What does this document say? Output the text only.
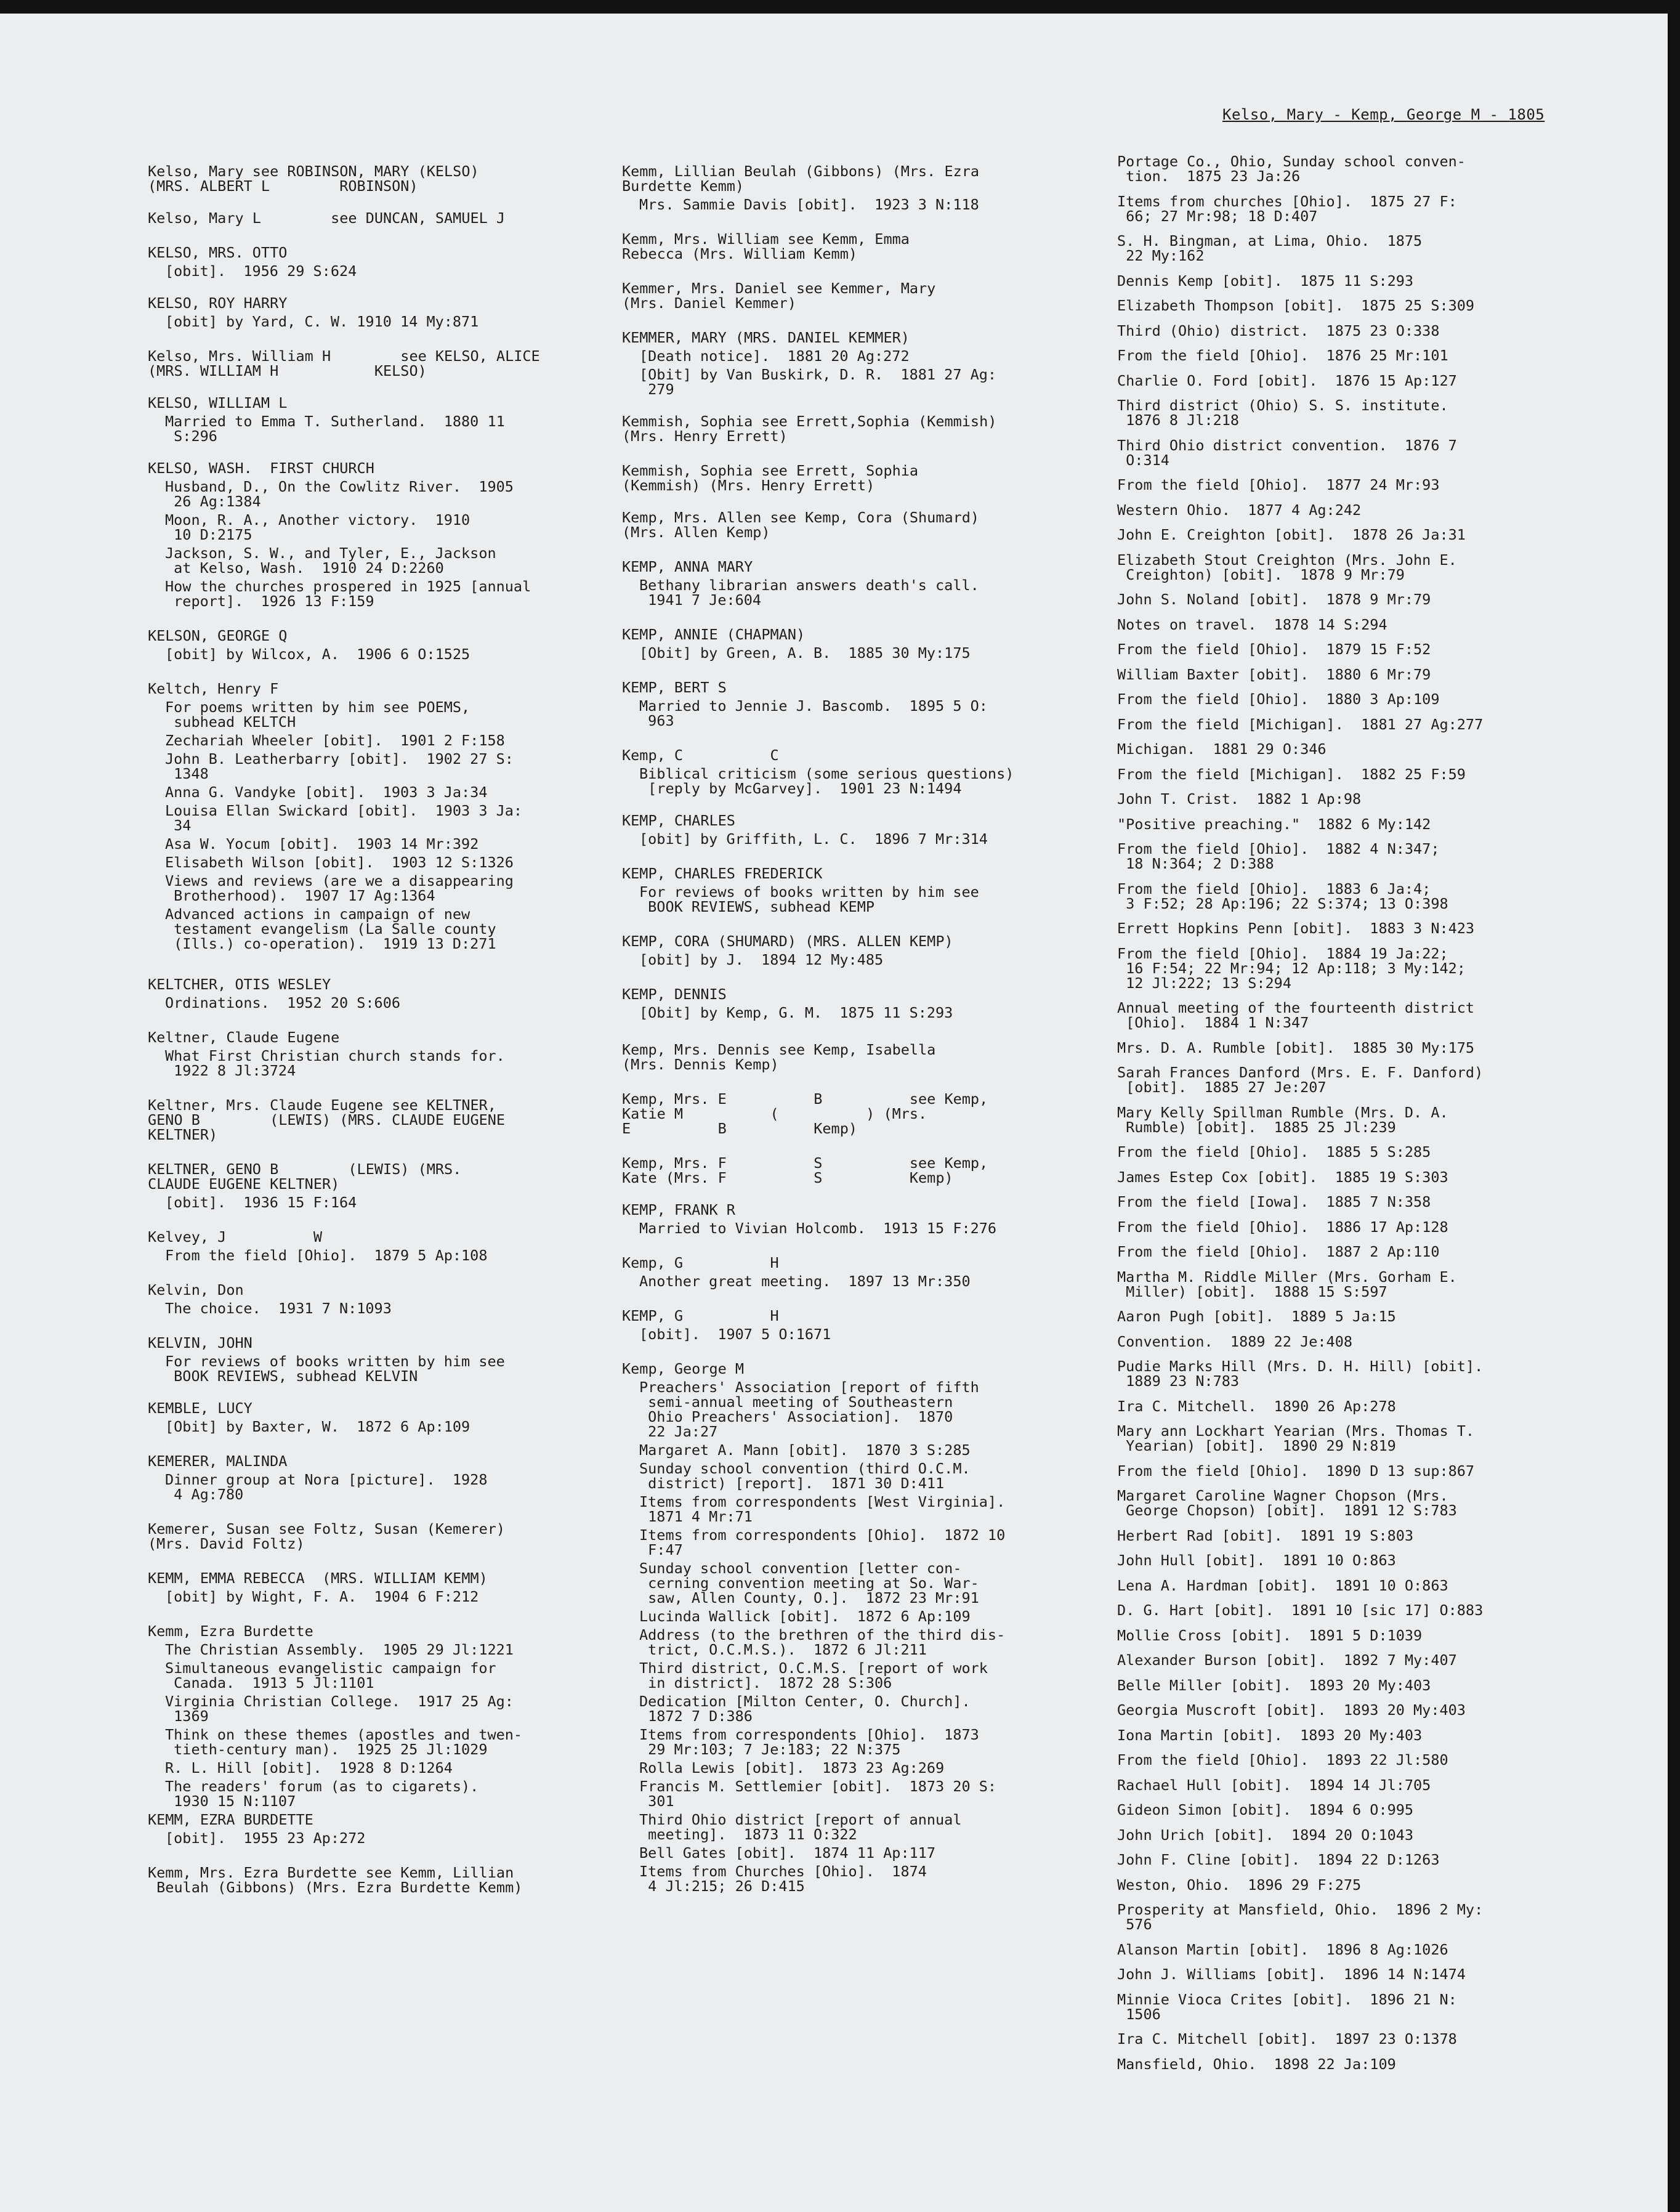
Kelso, Mary - Kemp, George M - 1805
Kelso, Mary see ROBINSON, MARY (KELSO)
(MRS. ALBERT L        ROBINSON)
Kelso, Mary L        see DUNCAN, SAMUEL J
KELSO, MRS. OTTO
[obit].  1956 29 S:624
KELSO, ROY HARRY
[obit] by Yard, C. W. 1910 14 My:871
Kelso, Mrs. William H        see KELSO, ALICE
(MRS. WILLIAM H           KELSO)
KELSO, WILLIAM L
Married to Emma T. Sutherland.  1880 11
S:296
KELSO, WASH.  FIRST CHURCH
Husband, D., On the Cowlitz River.  1905
26 Ag:1384
Moon, R. A., Another victory.  1910
10 D:2175
Jackson, S. W., and Tyler, E., Jackson
at Kelso, Wash.  1910 24 D:2260
How the churches prospered in 1925 [annual
report].  1926 13 F:159
KELSON, GEORGE Q
[obit] by Wilcox, A.  1906 6 O:1525
Keltch, Henry F
For poems written by him see POEMS,
subhead KELTCH
Zechariah Wheeler [obit].  1901 2 F:158
John B. Leatherbarry [obit].  1902 27 S:
1348
Anna G. Vandyke [obit].  1903 3 Ja:34
Louisa Ellan Swickard [obit].  1903 3 Ja:
34
Asa W. Yocum [obit].  1903 14 Mr:392
Elisabeth Wilson [obit].  1903 12 S:1326
Views and reviews (are we a disappearing
Brotherhood).  1907 17 Ag:1364
Advanced actions in campaign of new
testament evangelism (La Salle county
(Ills.) co-operation).  1919 13 D:271
KELTCHER, OTIS WESLEY
Ordinations.  1952 20 S:606
Keltner, Claude Eugene
What First Christian church stands for.
1922 8 Jl:3724
Keltner, Mrs. Claude Eugene see KELTNER,
GENO B        (LEWIS) (MRS. CLAUDE EUGENE
KELTNER)
KELTNER, GENO B        (LEWIS) (MRS.
CLAUDE EUGENE KELTNER)
[obit].  1936 15 F:164
Kelvey, J          W
From the field [Ohio].  1879 5 Ap:108
Kelvin, Don
The choice.  1931 7 N:1093
KELVIN, JOHN
For reviews of books written by him see
BOOK REVIEWS, subhead KELVIN
KEMBLE, LUCY
[Obit] by Baxter, W.  1872 6 Ap:109
KEMERER, MALINDA
Dinner group at Nora [picture].  1928
4 Ag:780
Kemerer, Susan see Foltz, Susan (Kemerer)
(Mrs. David Foltz)
KEMM, EMMA REBECCA  (MRS. WILLIAM KEMM)
[obit] by Wight, F. A.  1904 6 F:212
Kemm, Ezra Burdette
The Christian Assembly.  1905 29 Jl:1221
Simultaneous evangelistic campaign for
Canada.  1913 5 Jl:1101
Virginia Christian College.  1917 25 Ag:
1369
Think on these themes (apostles and twen-
tieth-century man).  1925 25 Jl:1029
R. L. Hill [obit].  1928 8 D:1264
The readers' forum (as to cigarets).
1930 15 N:1107
KEMM, EZRA BURDETTE
[obit].  1955 23 Ap:272
Kemm, Mrs. Ezra Burdette see Kemm, Lillian
Beulah (Gibbons) (Mrs. Ezra Burdette Kemm)
Kemm, Lillian Beulah (Gibbons) (Mrs. Ezra
Burdette Kemm)
Mrs. Sammie Davis [obit].  1923 3 N:118
Kemm, Mrs. William see Kemm, Emma
Rebecca (Mrs. William Kemm)
Kemmer, Mrs. Daniel see Kemmer, Mary
(Mrs. Daniel Kemmer)
KEMMER, MARY (MRS. DANIEL KEMMER)
[Death notice].  1881 20 Ag:272
[Obit] by Van Buskirk, D. R.  1881 27 Ag:
279
Kemmish, Sophia see Errett,Sophia (Kemmish)
(Mrs. Henry Errett)
Kemmish, Sophia see Errett, Sophia
(Kemmish) (Mrs. Henry Errett)
Kemp, Mrs. Allen see Kemp, Cora (Shumard)
(Mrs. Allen Kemp)
KEMP, ANNA MARY
Bethany librarian answers death's call.
1941 7 Je:604
KEMP, ANNIE (CHAPMAN)
[Obit] by Green, A. B.  1885 30 My:175
KEMP, BERT S
Married to Jennie J. Bascomb.  1895 5 O:
963
Kemp, C          C
Biblical criticism (some serious questions)
[reply by McGarvey].  1901 23 N:1494
KEMP, CHARLES
[obit] by Griffith, L. C.  1896 7 Mr:314
KEMP, CHARLES FREDERICK
For reviews of books written by him see
BOOK REVIEWS, subhead KEMP
KEMP, CORA (SHUMARD) (MRS. ALLEN KEMP)
[obit] by J.  1894 12 My:485
KEMP, DENNIS
[Obit] by Kemp, G. M.  1875 11 S:293
Kemp, Mrs. Dennis see Kemp, Isabella
(Mrs. Dennis Kemp)
Kemp, Mrs. E          B          see Kemp,
Katie M          (          ) (Mrs.
E          B          Kemp)
Kemp, Mrs. F          S          see Kemp,
Kate (Mrs. F          S          Kemp)
KEMP, FRANK R
Married to Vivian Holcomb.  1913 15 F:276
Kemp, G          H
Another great meeting.  1897 13 Mr:350
KEMP, G          H
[obit].  1907 5 O:1671
Kemp, George M
Preachers' Association [report of fifth
semi-annual meeting of Southeastern
Ohio Preachers' Association].  1870
22 Ja:27
Margaret A. Mann [obit].  1870 3 S:285
Sunday school convention (third O.C.M.
district) [report].  1871 30 D:411
Items from correspondents [West Virginia].
1871 4 Mr:71
Items from correspondents [Ohio].  1872 10
F:47
Sunday school convention [letter con-
cerning convention meeting at So. War-
saw, Allen County, O.].  1872 23 Mr:91
Lucinda Wallick [obit].  1872 6 Ap:109
Address (to the brethren of the third dis-
trict, O.C.M.S.).  1872 6 Jl:211
Third district, O.C.M.S. [report of work
in district].  1872 28 S:306
Dedication [Milton Center, O. Church].
1872 7 D:386
Items from correspondents [Ohio].  1873
29 Mr:103; 7 Je:183; 22 N:375
Rolla Lewis [obit].  1873 23 Ag:269
Francis M. Settlemier [obit].  1873 20 S:
301
Third Ohio district [report of annual
meeting].  1873 11 O:322
Bell Gates [obit].  1874 11 Ap:117
Items from Churches [Ohio].  1874
4 Jl:215; 26 D:415
Portage Co., Ohio, Sunday school conven-
tion.  1875 23 Ja:26
Items from churches [Ohio].  1875 27 F:
66; 27 Mr:98; 18 D:407
S. H. Bingman, at Lima, Ohio.  1875
22 My:162
Dennis Kemp [obit].  1875 11 S:293
Elizabeth Thompson [obit].  1875 25 S:309
Third (Ohio) district.  1875 23 O:338
From the field [Ohio].  1876 25 Mr:101
Charlie O. Ford [obit].  1876 15 Ap:127
Third district (Ohio) S. S. institute.
1876 8 Jl:218
Third Ohio district convention.  1876 7
O:314
From the field [Ohio].  1877 24 Mr:93
Western Ohio.  1877 4 Ag:242
John E. Creighton [obit].  1878 26 Ja:31
Elizabeth Stout Creighton (Mrs. John E.
Creighton) [obit].  1878 9 Mr:79
John S. Noland [obit].  1878 9 Mr:79
Notes on travel.  1878 14 S:294
From the field [Ohio].  1879 15 F:52
William Baxter [obit].  1880 6 Mr:79
From the field [Ohio].  1880 3 Ap:109
From the field [Michigan].  1881 27 Ag:277
Michigan.  1881 29 O:346
From the field [Michigan].  1882 25 F:59
John T. Crist.  1882 1 Ap:98
"Positive preaching."  1882 6 My:142
From the field [Ohio].  1882 4 N:347;
18 N:364; 2 D:388
From the field [Ohio].  1883 6 Ja:4;
3 F:52; 28 Ap:196; 22 S:374; 13 O:398
Errett Hopkins Penn [obit].  1883 3 N:423
From the field [Ohio].  1884 19 Ja:22;
16 F:54; 22 Mr:94; 12 Ap:118; 3 My:142;
12 Jl:222; 13 S:294
Annual meeting of the fourteenth district
[Ohio].  1884 1 N:347
Mrs. D. A. Rumble [obit].  1885 30 My:175
Sarah Frances Danford (Mrs. E. F. Danford)
[obit].  1885 27 Je:207
Mary Kelly Spillman Rumble (Mrs. D. A.
Rumble) [obit].  1885 25 Jl:239
From the field [Ohio].  1885 5 S:285
James Estep Cox [obit].  1885 19 S:303
From the field [Iowa].  1885 7 N:358
From the field [Ohio].  1886 17 Ap:128
From the field [Ohio].  1887 2 Ap:110
Martha M. Riddle Miller (Mrs. Gorham E.
Miller) [obit].  1888 15 S:597
Aaron Pugh [obit].  1889 5 Ja:15
Convention.  1889 22 Je:408
Pudie Marks Hill (Mrs. D. H. Hill) [obit].
1889 23 N:783
Ira C. Mitchell.  1890 26 Ap:278
Mary ann Lockhart Yearian (Mrs. Thomas T.
Yearian) [obit].  1890 29 N:819
From the field [Ohio].  1890 D 13 sup:867
Margaret Caroline Wagner Chopson (Mrs.
George Chopson) [obit].  1891 12 S:783
Herbert Rad [obit].  1891 19 S:803
John Hull [obit].  1891 10 O:863
Lena A. Hardman [obit].  1891 10 O:863
D. G. Hart [obit].  1891 10 [sic 17] O:883
Mollie Cross [obit].  1891 5 D:1039
Alexander Burson [obit].  1892 7 My:407
Belle Miller [obit].  1893 20 My:403
Georgia Muscroft [obit].  1893 20 My:403
Iona Martin [obit].  1893 20 My:403
From the field [Ohio].  1893 22 Jl:580
Rachael Hull [obit].  1894 14 Jl:705
Gideon Simon [obit].  1894 6 O:995
John Urich [obit].  1894 20 O:1043
John F. Cline [obit].  1894 22 D:1263
Weston, Ohio.  1896 29 F:275
Prosperity at Mansfield, Ohio.  1896 2 My:
576
Alanson Martin [obit].  1896 8 Ag:1026
John J. Williams [obit].  1896 14 N:1474
Minnie Vioca Crites [obit].  1896 21 N:
1506
Ira C. Mitchell [obit].  1897 23 O:1378
Mansfield, Ohio.  1898 22 Ja:109
